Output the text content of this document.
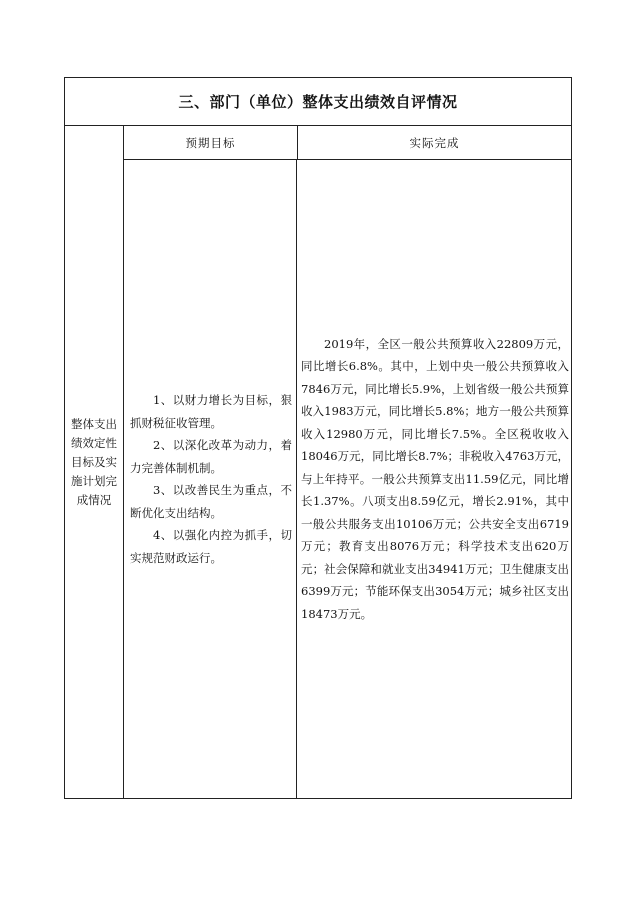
三、部门（单位）整体支出绩效自评情况
整体支出绩效定性目标及实施计划完成情况
预期目标	实际完成

1、以财力增长为目标，狠抓财税征收管理。

2、以深化改革为动力，着力完善体制机制。

3、以改善民生为重点，不断优化支出结构。

4、以强化内控为抓手，切实规范财政运行。

2019年，全区一般公共预算收入22809万元，同比增长6.8%。其中，上划中央一般公共预算收入7846万元，同比增长5.9%，上划省级一般公共预算收入1983万元，同比增长5.8%；地方一般公共预算收入12980万元，同比增长7.5%。全区税收收入18046万元，同比增长8.7%；非税收入4763万元，与上年持平。一般公共预算支出11.59亿元，同比增长1.37%。八项支出8.59亿元，增长2.91%，其中一般公共服务支出10106万元；公共安全支出6719万元；教育支出8076万元；科学技术支出620万元；社会保障和就业支出34941万元；卫生健康支出6399万元；节能环保支出3054万元；城乡社区支出18473万元。
